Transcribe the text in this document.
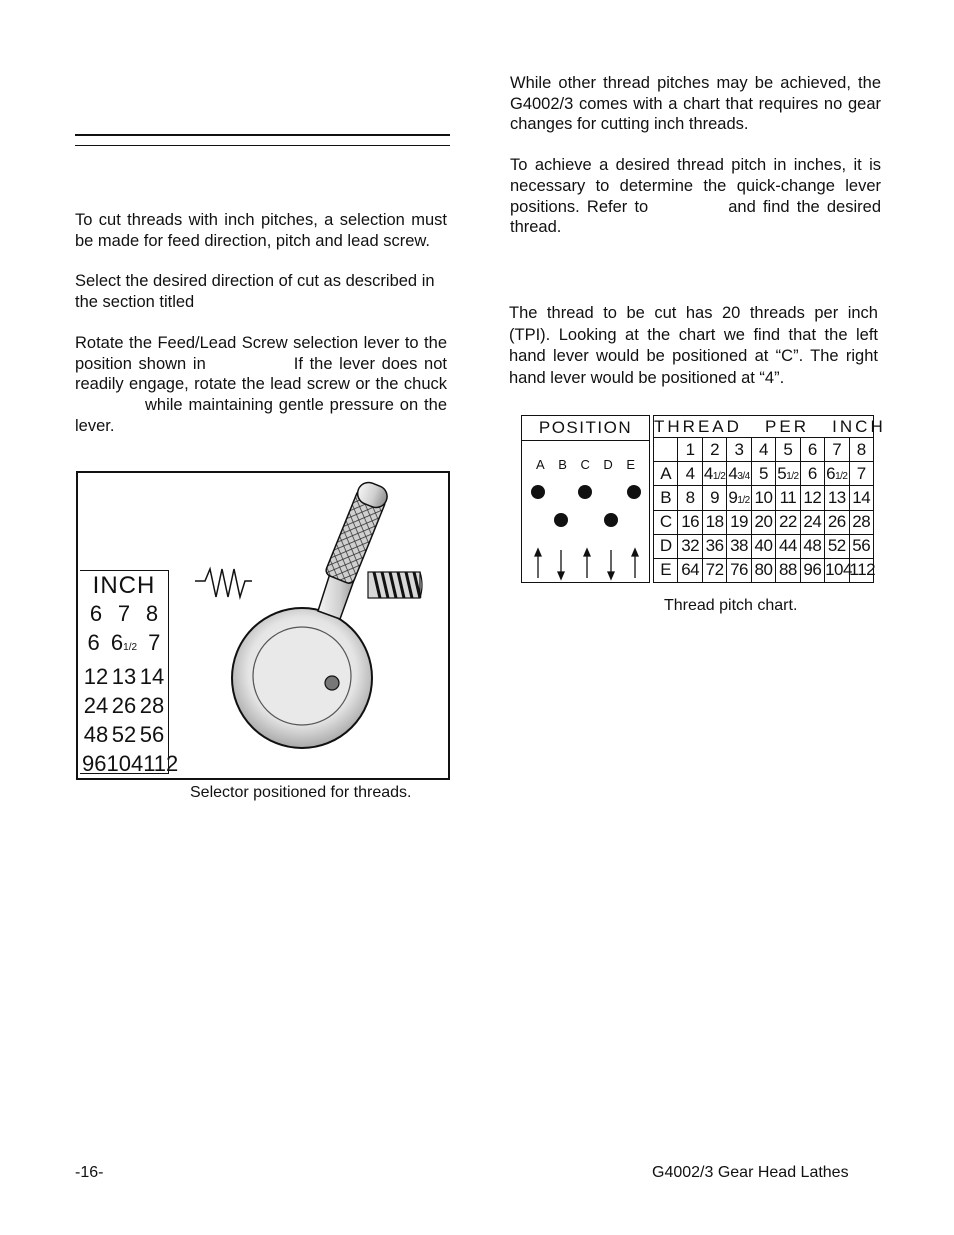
To cut threads with inch pitches, a selection must be made for feed direction, pitch and lead screw.

Select the desired direction of cut as described in the section titled

Rotate the Feed/Lead Screw selection lever to the position shown in	If the lever does not readily engage, rotate the lead screw or the chuckwhile maintaining gentle pressure on the lever.

While other thread pitches may be achieved, the G4002/3 comes with a chart that requires no gear changes for cutting inch threads.

To achieve a desired thread pitch in inches, it is necessary to determine the quick-change lever positions. Refer to	and find the desired thread.

The thread to be cut has 20 threads per inch (TPI). Looking at the chart we find that the left hand lever would be positioned at “C”. The right hand lever would be positioned at “4”.
INCH
6 7 8
6 61/2 7
12 13 14
24 26 28
48 52 56
96 104 112
Selector positioned for threads.
POSITION
A B C D E
THREAD   PER   INCH								
	1	2	3	4	5	6	7	8
A	4	41/2	43/4	5	51/2	6	61/2	7
B	8	9	91/2	10	11	12	13	14
C	16	18	19	20	22	24	26	28
D	32	36	38	40	44	48	52	56
E	64	72	76	80	88	96	104	112
Thread pitch chart.
-16-	G4002/3 Gear Head Lathes
